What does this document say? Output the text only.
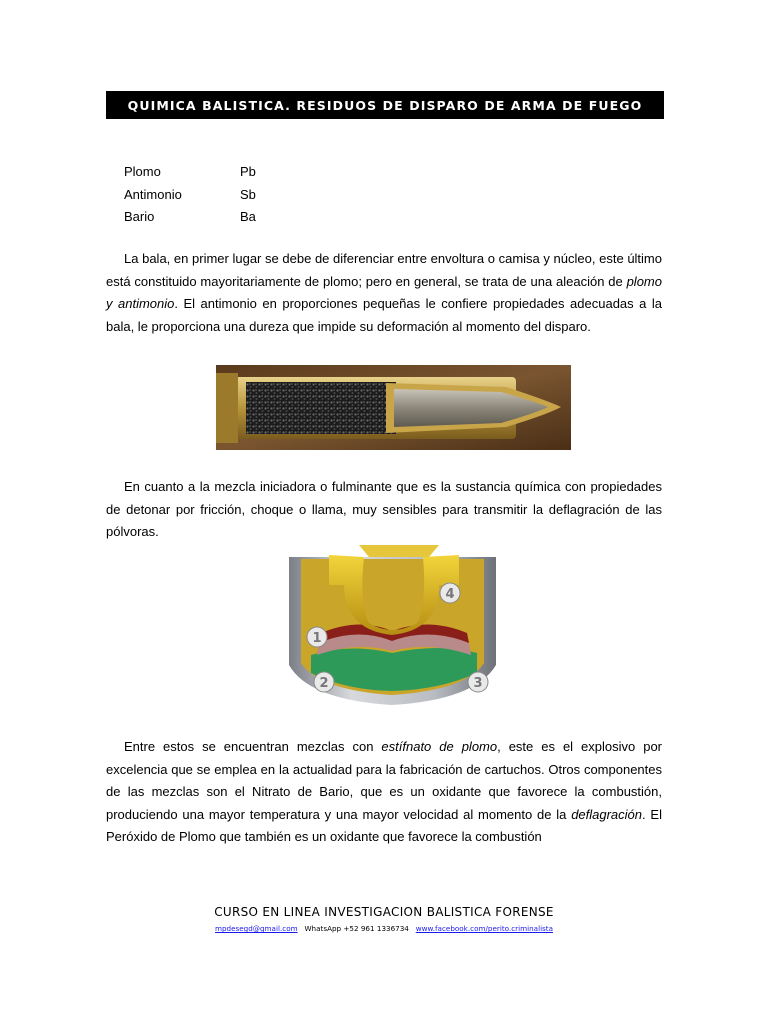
QUIMICA BALISTICA. RESIDUOS DE DISPARO DE ARMA DE FUEGO
Plomo	Pb
Antimonio	Sb
Bario	Ba

La bala, en primer lugar se debe de diferenciar entre envoltura o camisa y núcleo, este último está constituido mayoritariamente de plomo; pero en general, se trata de una aleación de plomo y antimonio. El antimonio en proporciones pequeñas le confiere propiedades adecuadas a la bala, le proporciona una dureza que impide su deformación al momento del disparo.

En cuanto a la mezcla iniciadora o fulminante que es la sustancia química con propiedades de detonar por fricción, choque o llama, muy sensibles para transmitir la deflagración de las pólvoras.

1
2	3
4

Entre estos se encuentran mezclas con estífnato de plomo, este es el explosivo por excelencia que se emplea en la actualidad para la fabricación de cartuchos. Otros componentes de las mezclas son el Nitrato de Bario, que es un oxidante que favorece la combustión, produciendo una mayor temperatura y una mayor velocidad al momento de la deflagración. El Peróxido de Plomo que también es un oxidante que favorece la combustión

CURSO EN LINEA INVESTIGACION BALISTICA FORENSE
mpdesegd@gmail.com WhatsApp +52 961 1336734 www.facebook.com/perito.criminalista
